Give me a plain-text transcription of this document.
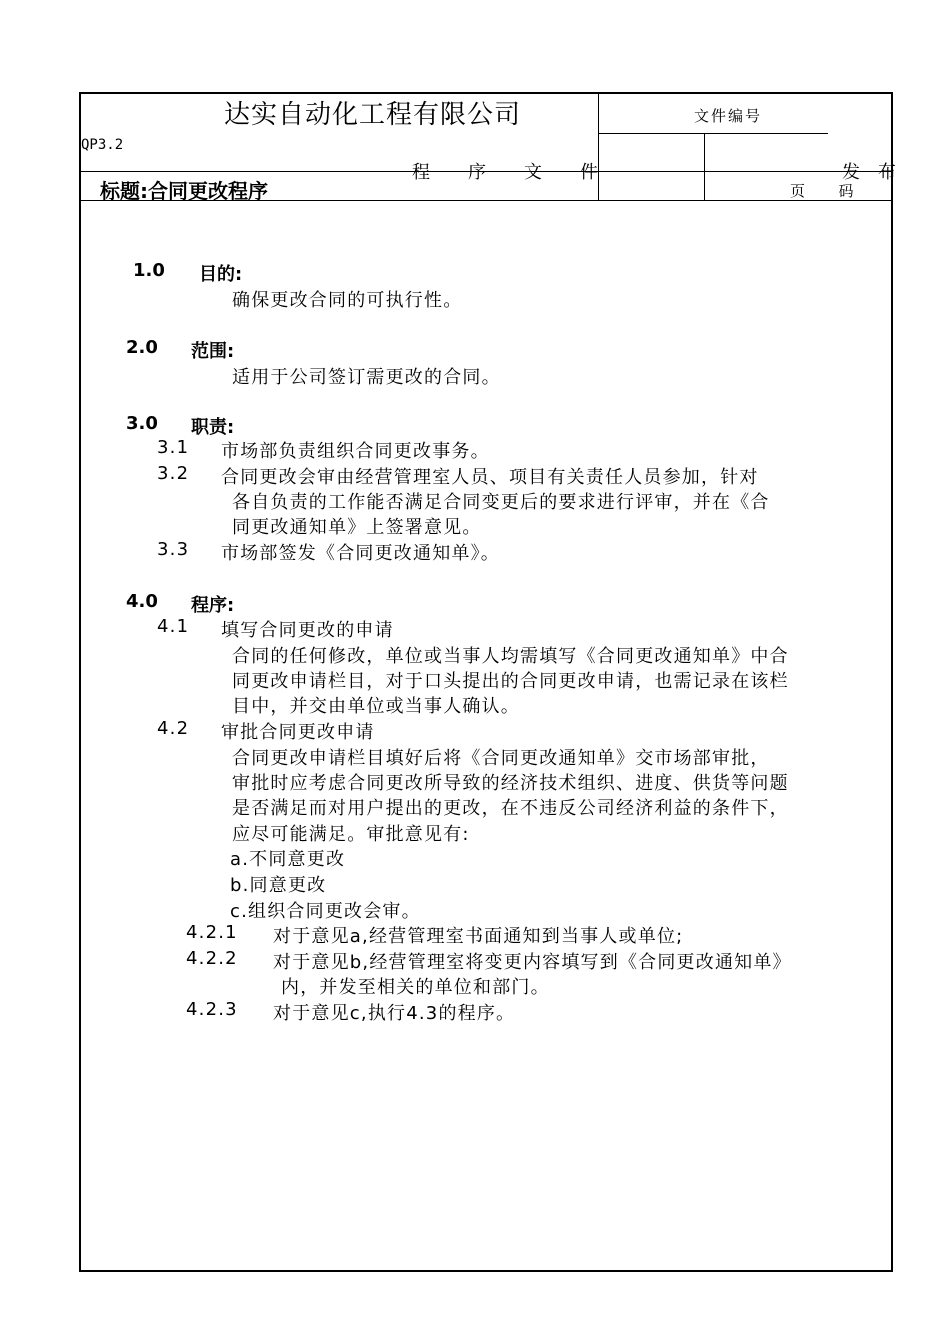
达实自动化工程有限公司	文件编号
QP3.2
程序文件	发布
标题:合同更改程序	页  码
1.0 目的:
确保更改合同的可执行性。
2.0 范围:
适用于公司签订需更改的合同。
3.0 职责:
3.1 市场部负责组织合同更改事务。
3.2 合同更改会审由经营管理室人员、项目有关责任人员参加，针对
各自负责的工作能否满足合同变更后的要求进行评审，并在《合
同更改通知单》上签署意见。
3.3 市场部签发《合同更改通知单》。
4.0 程序:
4.1 填写合同更改的申请
合同的任何修改，单位或当事人均需填写《合同更改通知单》中合
同更改申请栏目，对于口头提出的合同更改申请，也需记录在该栏
目中，并交由单位或当事人确认。
4.2 审批合同更改申请
合同更改申请栏目填好后将《合同更改通知单》交市场部审批，
审批时应考虑合同更改所导致的经济技术组织、进度、供货等问题
是否满足而对用户提出的更改，在不违反公司经济利益的条件下，
应尽可能满足。审批意见有:
a.不同意更改
b.同意更改
c.组织合同更改会审。
4.2.1 对于意见a,经营管理室书面通知到当事人或单位;
4.2.2 对于意见b,经营管理室将变更内容填写到《合同更改通知单》
内，并发至相关的单位和部门。
4.2.3 对于意见c,执行4.3的程序。
